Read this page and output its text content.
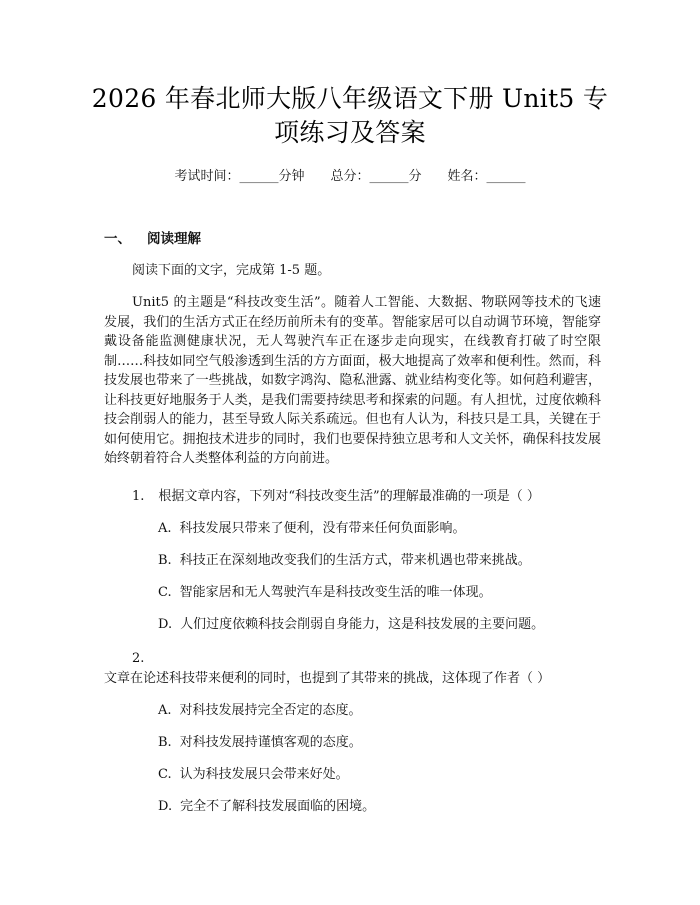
2026 年春北师大版八年级语文下册 Unit5 专
项练习及答案
考试时间：______分钟 总分：______分 姓名：______
一、 阅读理解
阅读下面的文字，完成第 1-5 题。
Unit5 的主题是“科技改变生活”。随着人工智能、大数据、物联网等技术的飞速发展，我们的生活方式正在经历前所未有的变革。智能家居可以自动调节环境，智能穿戴设备能监测健康状况，无人驾驶汽车正在逐步走向现实，在线教育打破了时空限制……科技如同空气般渗透到生活的方方面面，极大地提高了效率和便利性。然而，科技发展也带来了一些挑战，如数字鸿沟、隐私泄露、就业结构变化等。如何趋利避害，让科技更好地服务于人类，是我们需要持续思考和探索的问题。有人担忧，过度依赖科技会削弱人的能力，甚至导致人际关系疏远。但也有人认为，科技只是工具，关键在于如何使用它。拥抱技术进步的同时，我们也要保持独立思考和人文关怀，确保科技发展始终朝着符合人类整体利益的方向前进。
1. 根据文章内容，下列对“科技改变生活”的理解最准确的一项是（ ）
A. 科技发展只带来了便利，没有带来任何负面影响。
B. 科技正在深刻地改变我们的生活方式，带来机遇也带来挑战。
C. 智能家居和无人驾驶汽车是科技改变生活的唯一体现。
D. 人们过度依赖科技会削弱自身能力，这是科技发展的主要问题。
2.文章在论述科技带来便利的同时，也提到了其带来的挑战，这体现了作者（ ）
A. 对科技发展持完全否定的态度。
B. 对科技发展持谨慎客观的态度。
C. 认为科技发展只会带来好处。
D. 完全不了解科技发展面临的困境。
